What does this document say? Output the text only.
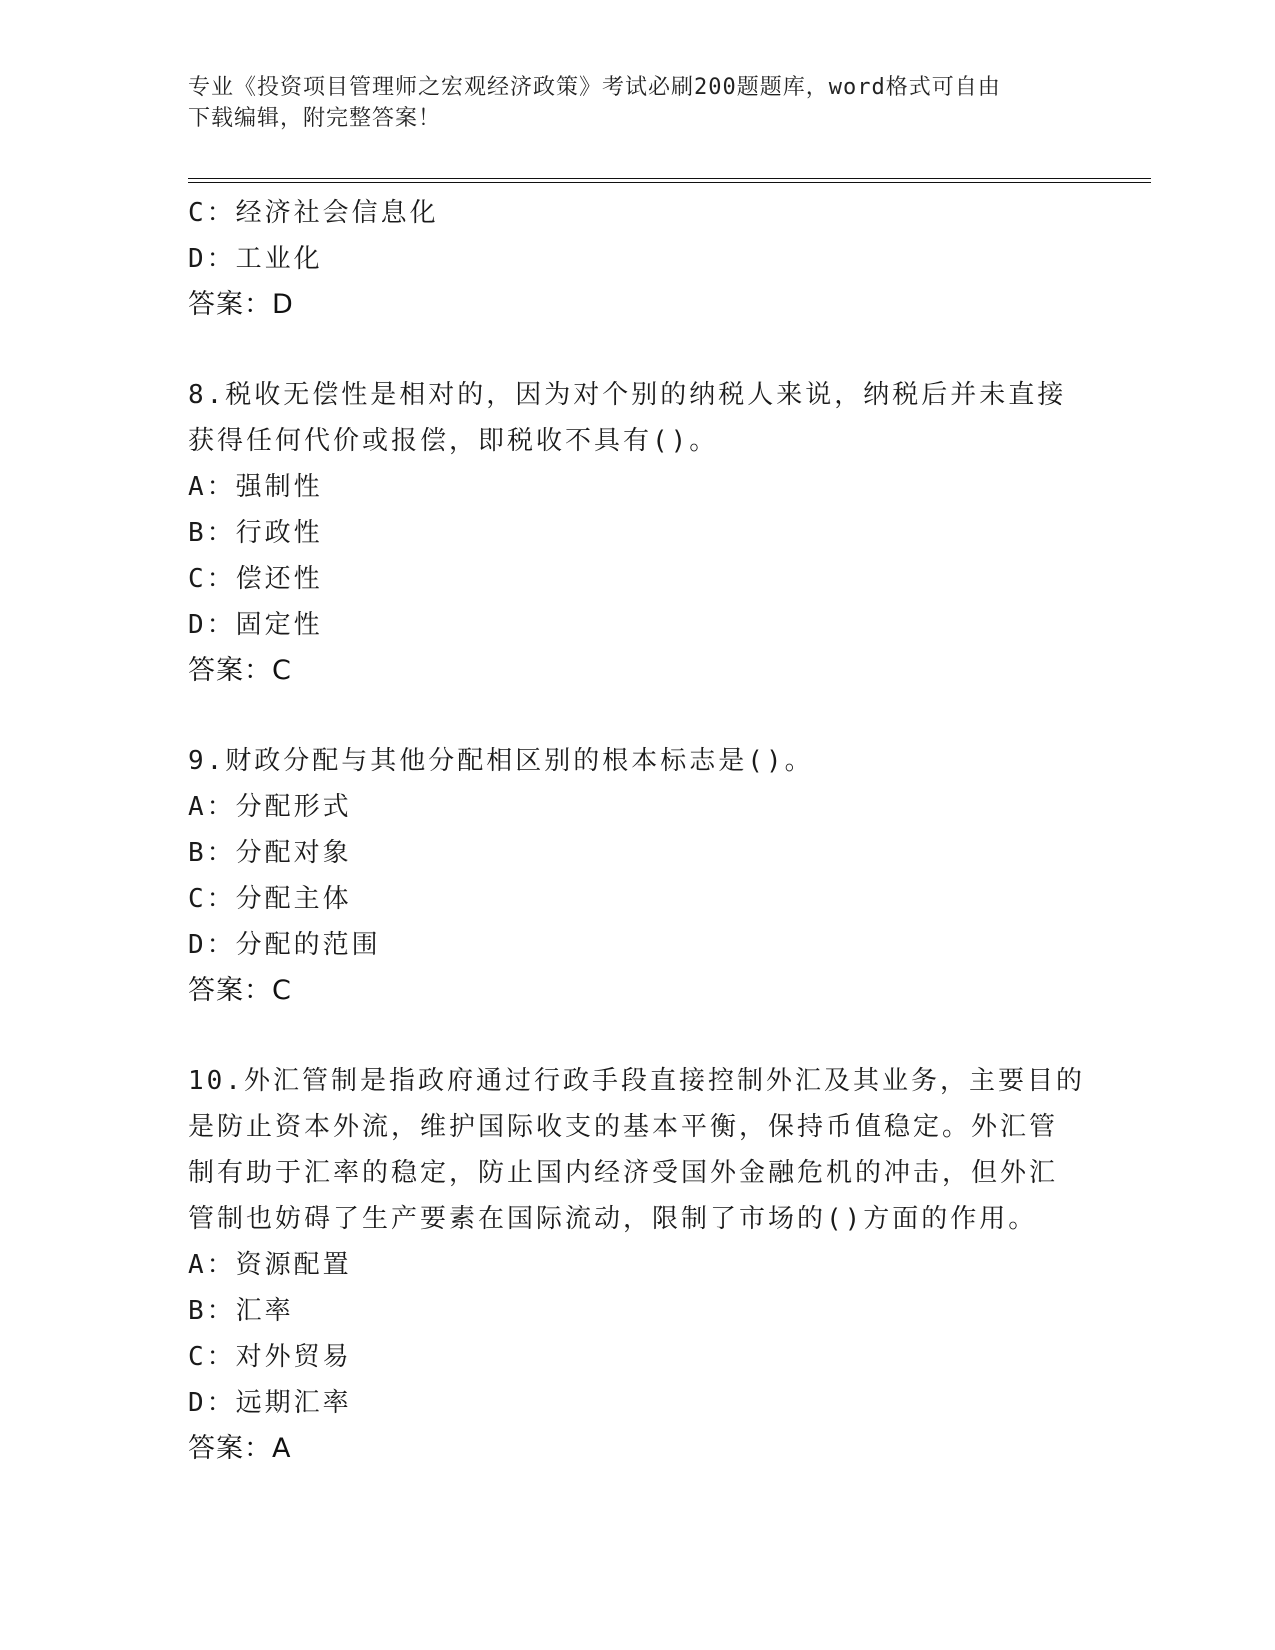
专业《投资项目管理师之宏观经济政策》考试必刷200题题库，word格式可自由
下载编辑，附完整答案！
C：经济社会信息化
D：工业化
答案：D
8.税收无偿性是相对的，因为对个别的纳税人来说，纳税后并未直接
获得任何代价或报偿，即税收不具有()。
A：强制性
B：行政性
C：偿还性
D：固定性
答案：C
9.财政分配与其他分配相区别的根本标志是()。
A：分配形式
B：分配对象
C：分配主体
D：分配的范围
答案：C
10.外汇管制是指政府通过行政手段直接控制外汇及其业务，主要目的
是防止资本外流，维护国际收支的基本平衡，保持币值稳定。外汇管
制有助于汇率的稳定，防止国内经济受国外金融危机的冲击，但外汇
管制也妨碍了生产要素在国际流动，限制了市场的()方面的作用。
A：资源配置
B：汇率
C：对外贸易
D：远期汇率
答案：A
